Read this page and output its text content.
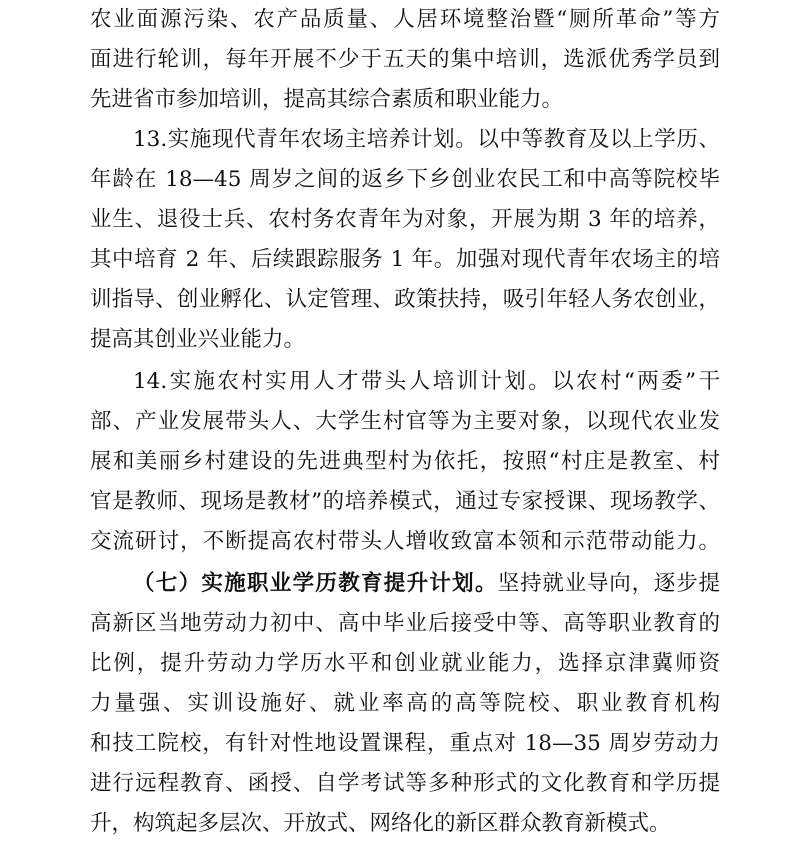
农业面源污染、农产品质量、人居环境整治暨“厕所革命”等方
面进行轮训，每年开展不少于五天的集中培训，选派优秀学员到
先进省市参加培训，提高其综合素质和职业能力。
13.实施现代青年农场主培养计划。以中等教育及以上学历、
年龄在 18—45 周岁之间的返乡下乡创业农民工和中高等院校毕
业生、退役士兵、农村务农青年为对象，开展为期 3 年的培养，
其中培育 2 年、后续跟踪服务 1 年。加强对现代青年农场主的培
训指导、创业孵化、认定管理、政策扶持，吸引年轻人务农创业，
提高其创业兴业能力。
14.实施农村实用人才带头人培训计划。以农村“两委”干
部、产业发展带头人、大学生村官等为主要对象，以现代农业发
展和美丽乡村建设的先进典型村为依托，按照“村庄是教室、村
官是教师、现场是教材”的培养模式，通过专家授课、现场教学、
交流研讨，不断提高农村带头人增收致富本领和示范带动能力。
（七）实施职业学历教育提升计划。坚持就业导向，逐步提
高新区当地劳动力初中、高中毕业后接受中等、高等职业教育的
比例，提升劳动力学历水平和创业就业能力，选择京津冀师资
力量强、实训设施好、就业率高的高等院校、职业教育机构
和技工院校，有针对性地设置课程，重点对 18—35 周岁劳动力
进行远程教育、函授、自学考试等多种形式的文化教育和学历提
升，构筑起多层次、开放式、网络化的新区群众教育新模式。
